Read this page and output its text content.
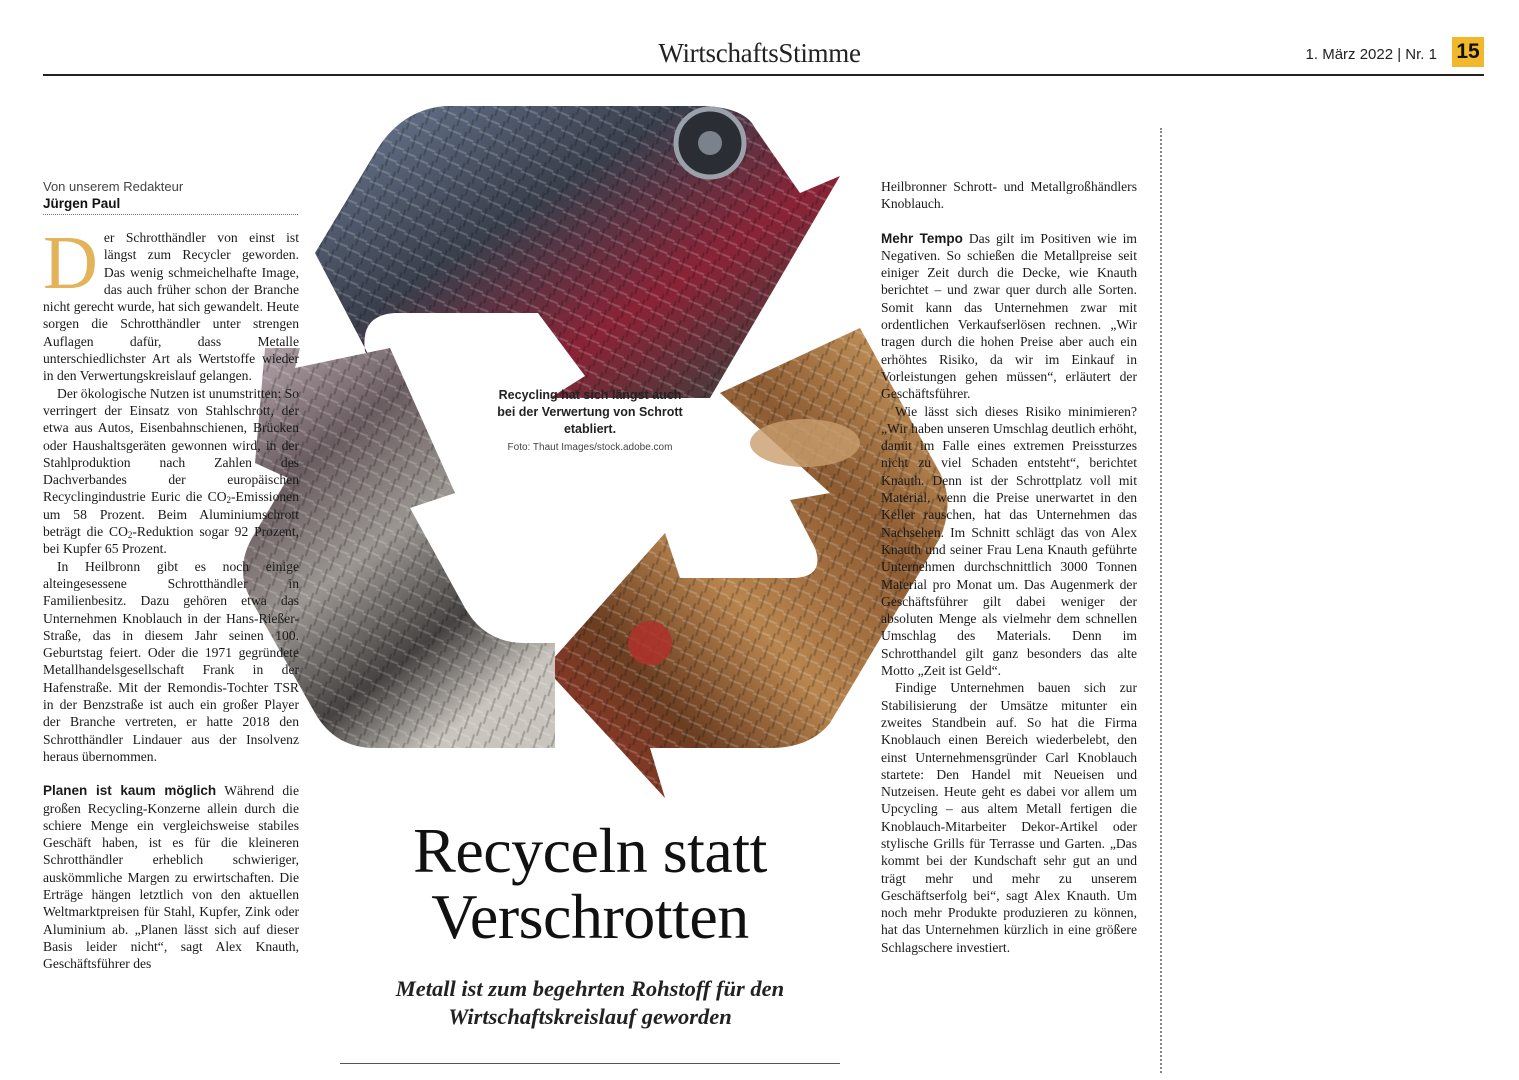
WirtschaftsStimme	1. März 2022 | Nr. 1 15
Von unserem Redakteur
Jürgen Paul
Recycling hat sich längst auch bei der Verwertung von Schrott etabliert.
Foto: Thaut Images/stock.adobe.com

Der Schrotthändler von einst ist längst zum Recycler geworden. Das wenig schmeichelhafte Image, das auch früher schon der Branche nicht gerecht wurde, hat sich gewandelt. Heute sorgen die Schrotthändler unter strengen Auflagen dafür, dass Metalle unterschiedlichster Art als Wertstoffe wieder in den Verwertungskreislauf gelangen.

Der ökologische Nutzen ist unumstritten: So verringert der Einsatz von Stahlschrott, der etwa aus Autos, Eisenbahnschienen, Brücken oder Haushaltsgeräten gewonnen wird, in der Stahlproduktion nach Zahlen des Dachverbandes der europäischen Recyclingindustrie Euric die $CO_2$-Emissionen um 58 Prozent. Beim Aluminiumschrott beträgt die $CO_2$-Reduktion sogar 92 Prozent, bei Kupfer 65 Prozent.

In Heilbronn gibt es noch einige alteingesessene Schrotthändler in Familienbesitz. Dazu gehören etwa das Unternehmen Knoblauch in der Hans-Rießer-Straße, das in diesem Jahr seinen 100. Geburtstag feiert. Oder die 1971 gegründete Metallhandelsgesellschaft Frank in der Hafenstraße. Mit der Remondis-Tochter TSR in der Benzstraße ist auch ein großer Player der Branche vertreten, er hatte 2018 den Schrotthändler Lindauer aus der Insolvenz heraus übernommen.

Planen ist kaum möglich Während die großen Recycling-Konzerne allein durch die schiere Menge ein vergleichsweise stabiles Geschäft haben, ist es für die kleineren Schrotthändler erheblich schwieriger, auskömmliche Margen zu erwirtschaften. Die Erträge hängen letztlich von den aktuellen Weltmarktpreisen für Stahl, Kupfer, Zink oder Aluminium ab. „Planen lässt sich auf dieser Basis leider nicht“, sagt Alex Knauth, Geschäftsführer des

Heilbronner Schrott- und Metallgroßhändlers Knoblauch.

Mehr Tempo Das gilt im Positiven wie im Negativen. So schießen die Metallpreise seit einiger Zeit durch die Decke, wie Knauth berichtet – und zwar quer durch alle Sorten. Somit kann das Unternehmen zwar mit ordentlichen Verkaufserlösen rechnen. „Wir tragen durch die hohen Preise aber auch ein erhöhtes Risiko, da wir im Einkauf in Vorleistungen gehen müssen“, erläutert der Geschäftsführer.

Wie lässt sich dieses Risiko minimieren? „Wir haben unseren Umschlag deutlich erhöht, damit im Falle eines extremen Preissturzes nicht zu viel Schaden entsteht“, berichtet Knauth. Denn ist der Schrottplatz voll mit Material, wenn die Preise unerwartet in den Keller rauschen, hat das Unternehmen das Nachsehen. Im Schnitt schlägt das von Alex Knauth und seiner Frau Lena Knauth geführte Unternehmen durchschnittlich 3000 Tonnen Material pro Monat um. Das Augenmerk der Geschäftsführer gilt dabei weniger der absoluten Menge als vielmehr dem schnellen Umschlag des Materials. Denn im Schrotthandel gilt ganz besonders das alte Motto „Zeit ist Geld“.

Findige Unternehmen bauen sich zur Stabilisierung der Umsätze mitunter ein zweites Standbein auf. So hat die Firma Knoblauch einen Bereich wiederbelebt, den einst Unternehmensgründer Carl Knoblauch startete: Den Handel mit Neueisen und Nutzeisen. Heute geht es dabei vor allem um Upcycling – aus altem Metall fertigen die Knoblauch-Mitarbeiter Dekor-Artikel oder stylische Grills für Terrasse und Garten. „Das kommt bei der Kundschaft sehr gut an und trägt mehr und mehr zu unserem Geschäftserfolg bei“, sagt Alex Knauth. Um noch mehr Produkte produzieren zu können, hat das Unternehmen kürzlich in eine größere Schlagschere investiert.

Recyceln statt
Verschrotten
Metall ist zum begehrten Rohstoff für den
Wirtschaftskreislauf geworden
